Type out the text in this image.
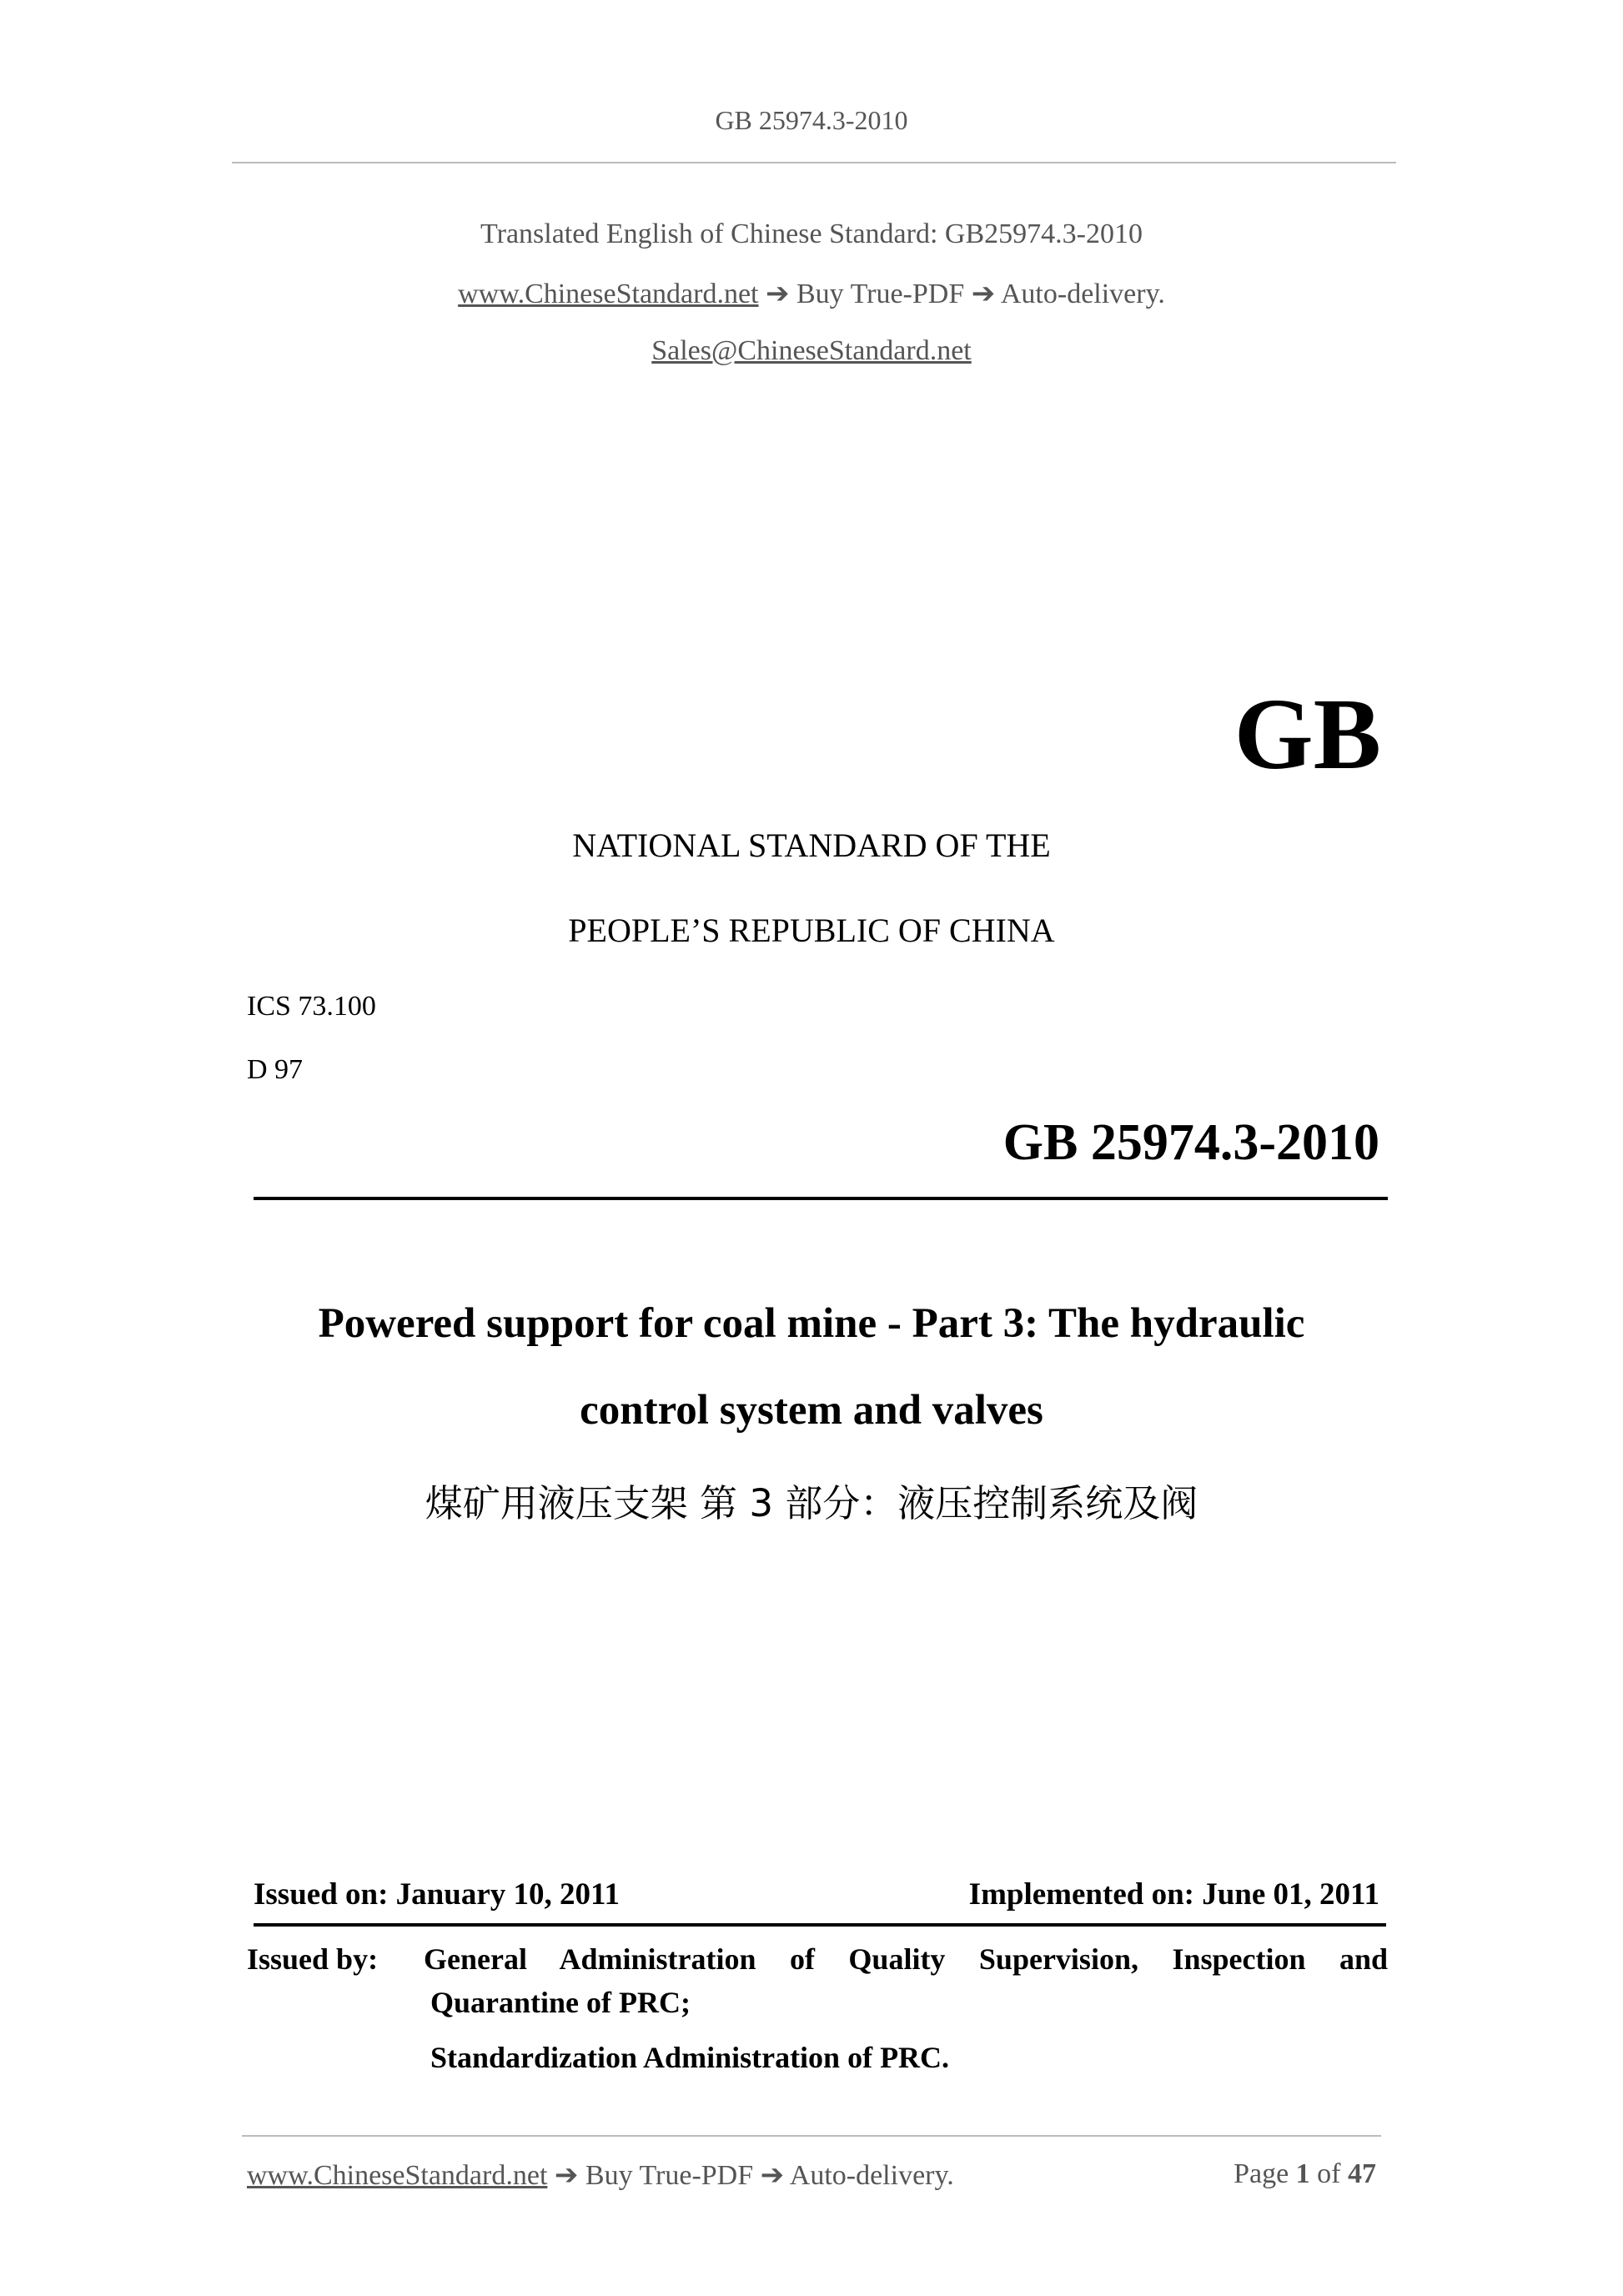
GB 25974.3-2010
Translated English of Chinese Standard: GB25974.3-2010
www.ChineseStandard.net ➔ Buy True-PDF ➔ Auto-delivery.
Sales@ChineseStandard.net
GB
NATIONAL STANDARD OF THE
PEOPLE’S REPUBLIC OF CHINA
ICS 73.100
D 97
GB 25974.3-2010
Powered support for coal mine - Part 3: The hydraulic
control system and valves
煤矿用液压支架 第 3 部分：液压控制系统及阀
Issued on: January 10, 2011	Implemented on: June 01, 2011
Issued by: General Administration of Quality Supervision, Inspection and
Quarantine of PRC;
Standardization Administration of PRC.
www.ChineseStandard.net ➔ Buy True-PDF ➔ Auto-delivery.	Page 1 of 47
